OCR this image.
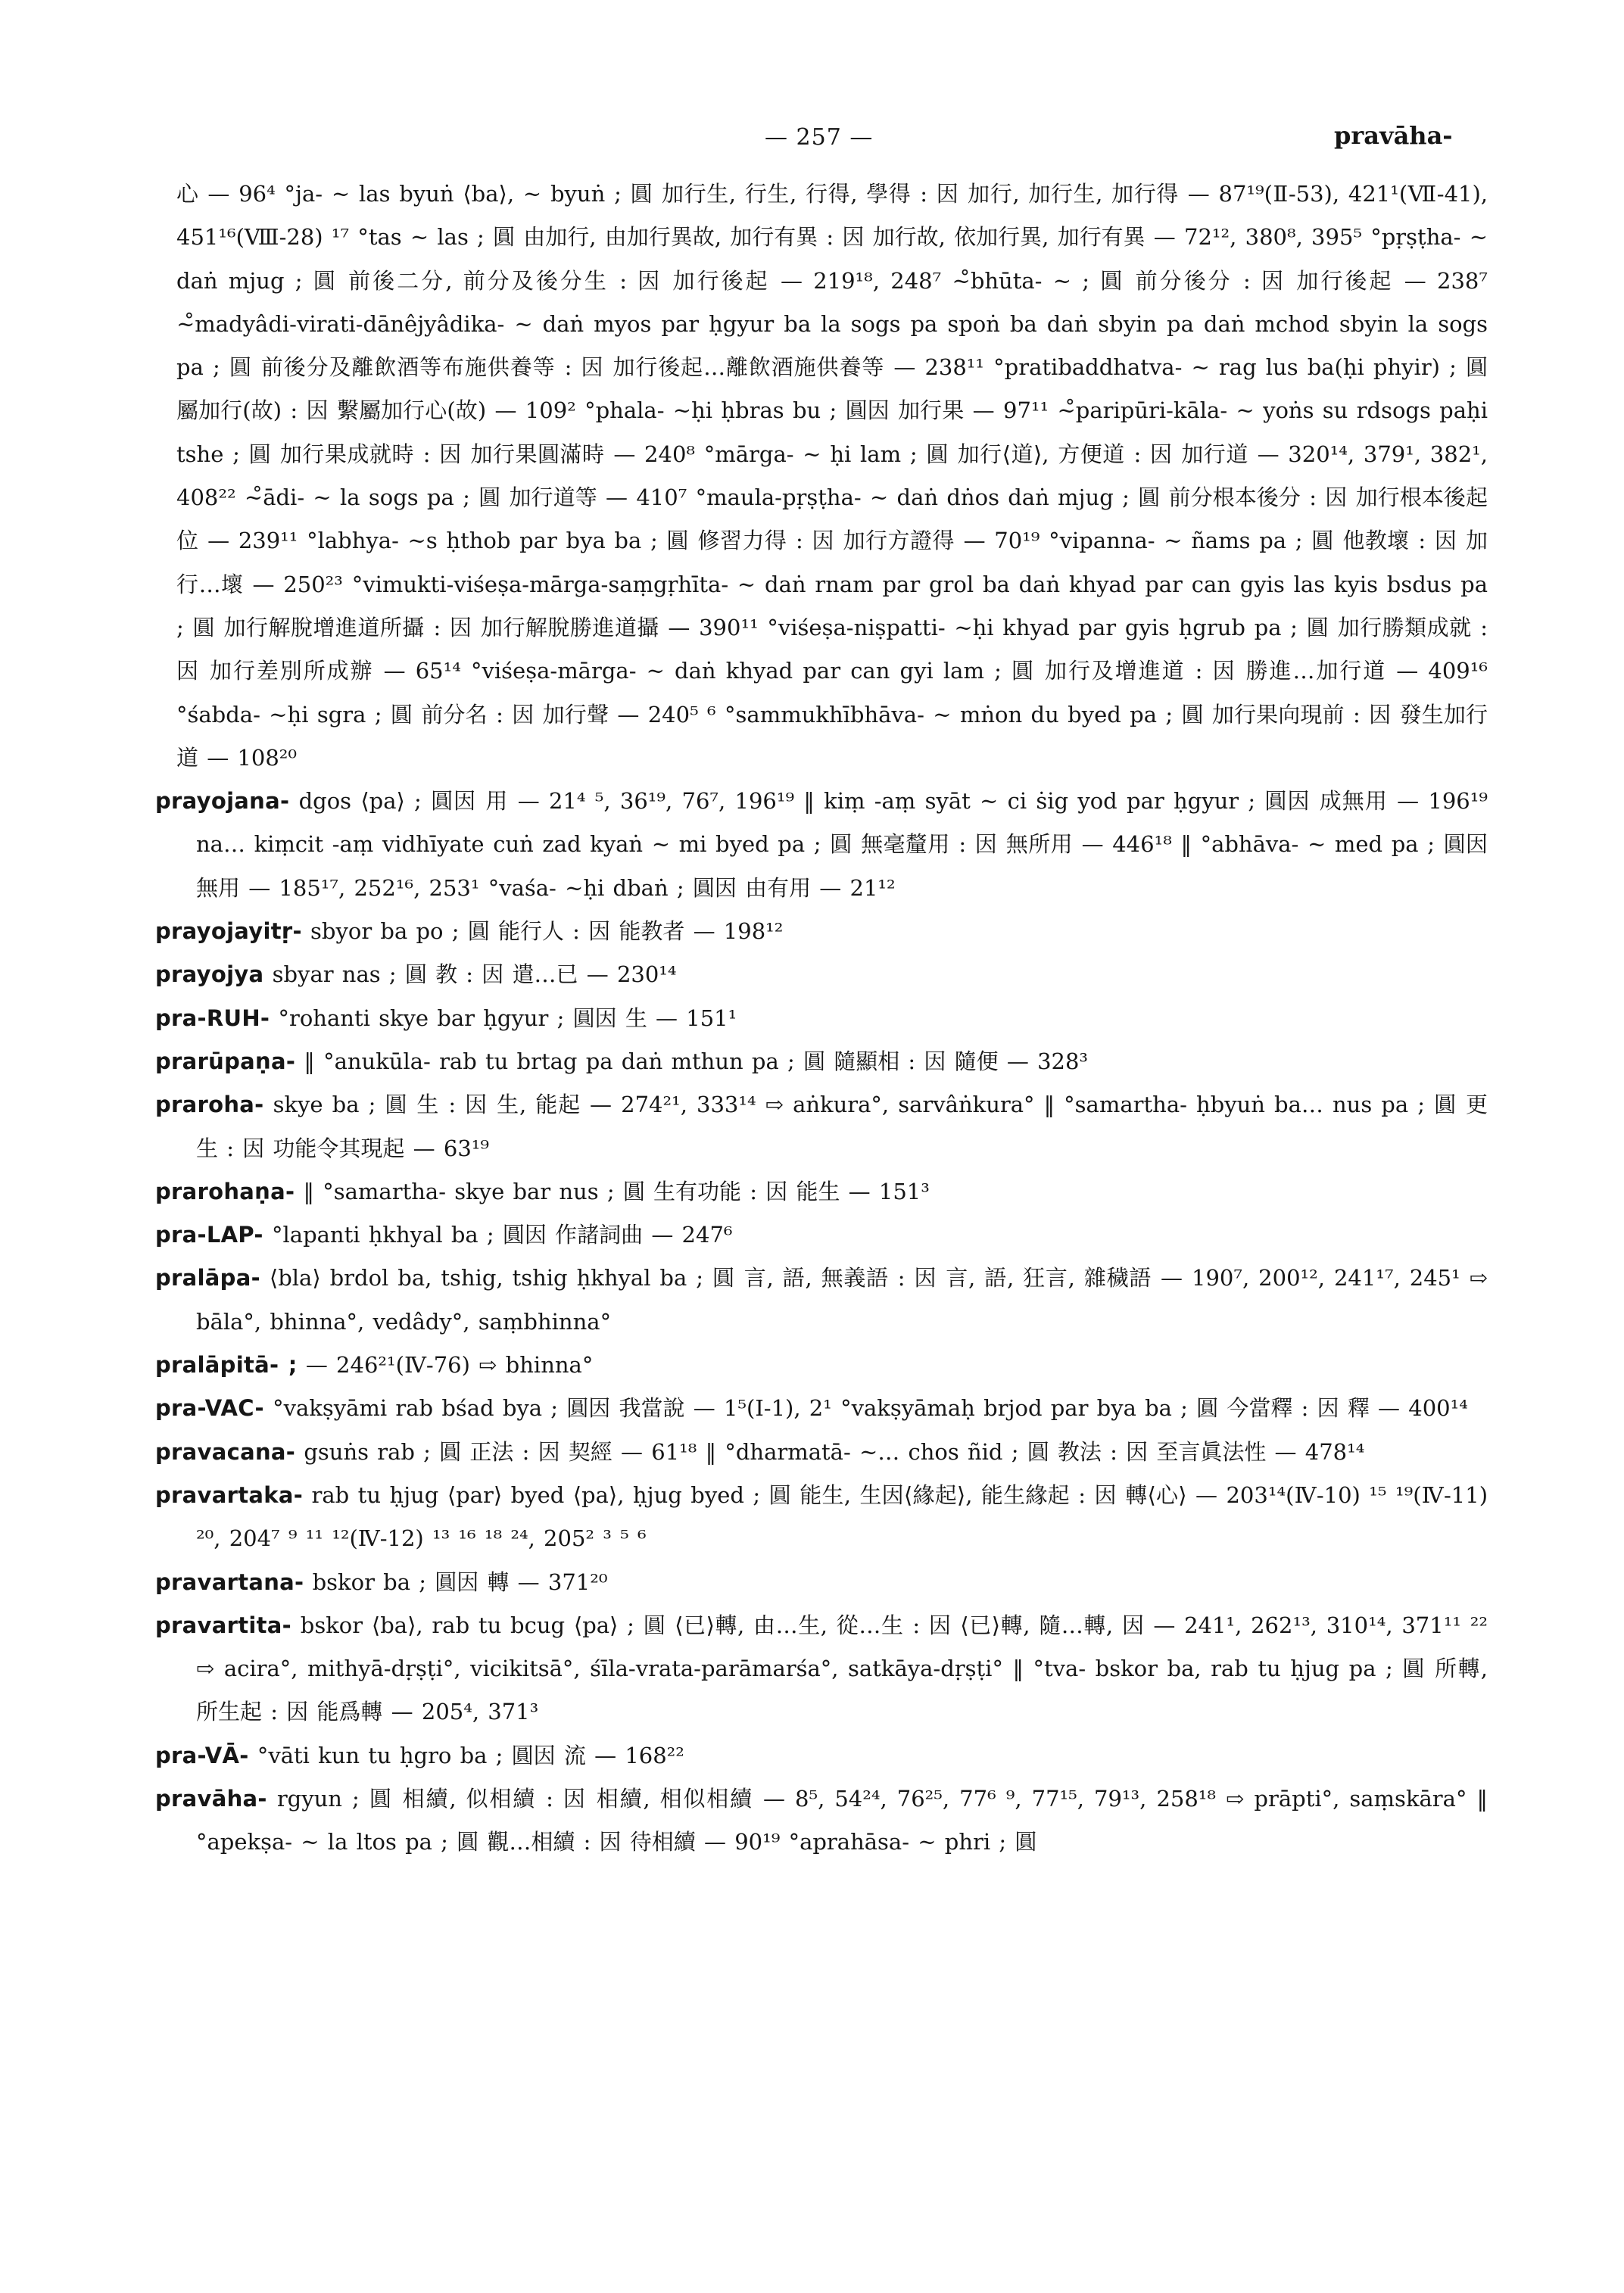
— 257 —	pravāha-

心 — 96⁴ °ja- ~ las byuṅ ⟨ba⟩, ~ byuṅ ; 圓 加行生, 行生, 行得, 學得 : 因 加行, 加行生, 加行得 — 87¹⁹(Ⅱ-53), 421¹(Ⅶ-41), 451¹⁶(Ⅷ-28) ¹⁷ °tas ~ las ; 圓 由加行, 由加行異故, 加行有異 : 因 加行故, 依加行異, 加行有異 — 72¹², 380⁸, 395⁵ °pṛṣṭha- ~ daṅ mjug ; 圓 前後二分, 前分及後分生 : 因 加行後起 — 219¹⁸, 248⁷ ~̊bhūta- ~ ; 圓 前分後分 : 因 加行後起 — 238⁷ ~̊madyâdi-virati-dānêjyâdika- ~ daṅ myos par ḥgyur ba la sogs pa spoṅ ba daṅ sbyin pa daṅ mchod sbyin la sogs pa ; 圓 前後分及離飲酒等布施供養等 : 因 加行後起…離飲酒施供養等 — 238¹¹ °pratibaddhatva- ~ rag lus ba(ḥi phyir) ; 圓 屬加行(故) : 因 繫屬加行心(故) — 109² °phala- ~ḥi ḥbras bu ; 圓因 加行果 — 97¹¹ ~̊paripūri-kāla- ~ yoṅs su rdsogs paḥi tshe ; 圓 加行果成就時 : 因 加行果圓滿時 — 240⁸ °mārga- ~ ḥi lam ; 圓 加行⟨道⟩, 方便道 : 因 加行道 — 320¹⁴, 379¹, 382¹, 408²² ~̊ādi- ~ la sogs pa ; 圓 加行道等 — 410⁷ °maula-pṛṣṭha- ~ daṅ dṅos daṅ mjug ; 圓 前分根本後分 : 因 加行根本後起位 — 239¹¹ °labhya- ~s ḥthob par bya ba ; 圓 修習力得 : 因 加行方證得 — 70¹⁹ °vipanna- ~ ñams pa ; 圓 他教壞 : 因 加行…壞 — 250²³ °vimukti-viśeṣa-mārga-saṃgṛhīta- ~ daṅ rnam par grol ba daṅ khyad par can gyis las kyis bsdus pa ; 圓 加行解脫增進道所攝 : 因 加行解脫勝進道攝 — 390¹¹ °viśeṣa-niṣpatti- ~ḥi khyad par gyis ḥgrub pa ; 圓 加行勝類成就 : 因 加行差別所成辦 — 65¹⁴ °viśeṣa-mārga- ~ daṅ khyad par can gyi lam ; 圓 加行及增進道 : 因 勝進…加行道 — 409¹⁶ °śabda- ~ḥi sgra ; 圓 前分名 : 因 加行聲 — 240⁵ ⁶ °sammukhībhāva- ~ mṅon du byed pa ; 圓 加行果向現前 : 因 發生加行道 — 108²⁰

prayojana- dgos ⟨pa⟩ ; 圓因 用 — 21⁴ ⁵, 36¹⁹, 76⁷, 196¹⁹ ‖ kiṃ -aṃ syāt ~ ci ṡig yod par ḥgyur ; 圓因 成無用 — 196¹⁹ na… kiṃcit -aṃ vidhīyate cuṅ zad kyaṅ ~ mi byed pa ; 圓 無毫釐用 : 因 無所用 — 446¹⁸ ‖ °abhāva- ~ med pa ; 圓因 無用 — 185¹⁷, 252¹⁶, 253¹ °vaśa- ~ḥi dbaṅ ; 圓因 由有用 — 21¹²

prayojayitṛ- sbyor ba po ; 圓 能行人 : 因 能教者 — 198¹²

prayojya sbyar nas ; 圓 教 : 因 遣…已 — 230¹⁴

pra-RUH- °rohanti skye bar ḥgyur ; 圓因 生 — 151¹

prarūpaṇa- ‖ °anukūla- rab tu brtag pa daṅ mthun pa ; 圓 隨顯相 : 因 隨便 — 328³

praroha- skye ba ; 圓 生 : 因 生, 能起 — 274²¹, 333¹⁴ ⇨ aṅkura°, sarvâṅkura° ‖ °samartha- ḥbyuṅ ba… nus pa ; 圓 更生 : 因 功能令其現起 — 63¹⁹

prarohaṇa- ‖ °samartha- skye bar nus ; 圓 生有功能 : 因 能生 — 151³

pra-LAP- °lapanti ḥkhyal ba ; 圓因 作諸詞曲 — 247⁶

pralāpa- ⟨bla⟩ brdol ba, tshig, tshig ḥkhyal ba ; 圓 言, 語, 無義語 : 因 言, 語, 狂言, 雜穢語 — 190⁷, 200¹², 241¹⁷, 245¹ ⇨ bāla°, bhinna°, vedâdy°, saṃbhinna°

pralāpitā- ; — 246²¹(Ⅳ-76) ⇨ bhinna°

pra-VAC- °vakṣyāmi rab bśad bya ; 圓因 我當說 — 1⁵(Ⅰ-1), 2¹ °vakṣyāmaḥ brjod par bya ba ; 圓 今當釋 : 因 釋 — 400¹⁴

pravacana- gsuṅs rab ; 圓 正法 : 因 契經 — 61¹⁸ ‖ °dharmatā- ~… chos ñid ; 圓 教法 : 因 至言眞法性 — 478¹⁴

pravartaka- rab tu ḥjug ⟨par⟩ byed ⟨pa⟩, ḥjug byed ; 圓 能生, 生因⟨緣起⟩, 能生緣起 : 因 轉⟨心⟩ — 203¹⁴(Ⅳ-10) ¹⁵ ¹⁹(Ⅳ-11) ²⁰, 204⁷ ⁹ ¹¹ ¹²(Ⅳ-12) ¹³ ¹⁶ ¹⁸ ²⁴, 205² ³ ⁵ ⁶

pravartana- bskor ba ; 圓因 轉 — 371²⁰

pravartita- bskor ⟨ba⟩, rab tu bcug ⟨pa⟩ ; 圓 ⟨已⟩轉, 由…生, 從…生 : 因 ⟨已⟩轉, 隨…轉, 因 — 241¹, 262¹³, 310¹⁴, 371¹¹ ²² ⇨ acira°, mithyā-dṛṣṭi°, vicikitsā°, śīla-vrata-parāmarśa°, satkāya-dṛṣṭi° ‖ °tva- bskor ba, rab tu ḥjug pa ; 圓 所轉, 所生起 : 因 能爲轉 — 205⁴, 371³

pra-VĀ- °vāti kun tu ḥgro ba ; 圓因 流 — 168²²

pravāha- rgyun ; 圓 相續, 似相續 : 因 相續, 相似相續 — 8⁵, 54²⁴, 76²⁵, 77⁶ ⁹, 77¹⁵, 79¹³, 258¹⁸ ⇨ prāpti°, saṃskāra° ‖ °apekṣa- ~ la ltos pa ; 圓 觀…相續 : 因 待相續 — 90¹⁹ °aprahāsa- ~ phri ; 圓
